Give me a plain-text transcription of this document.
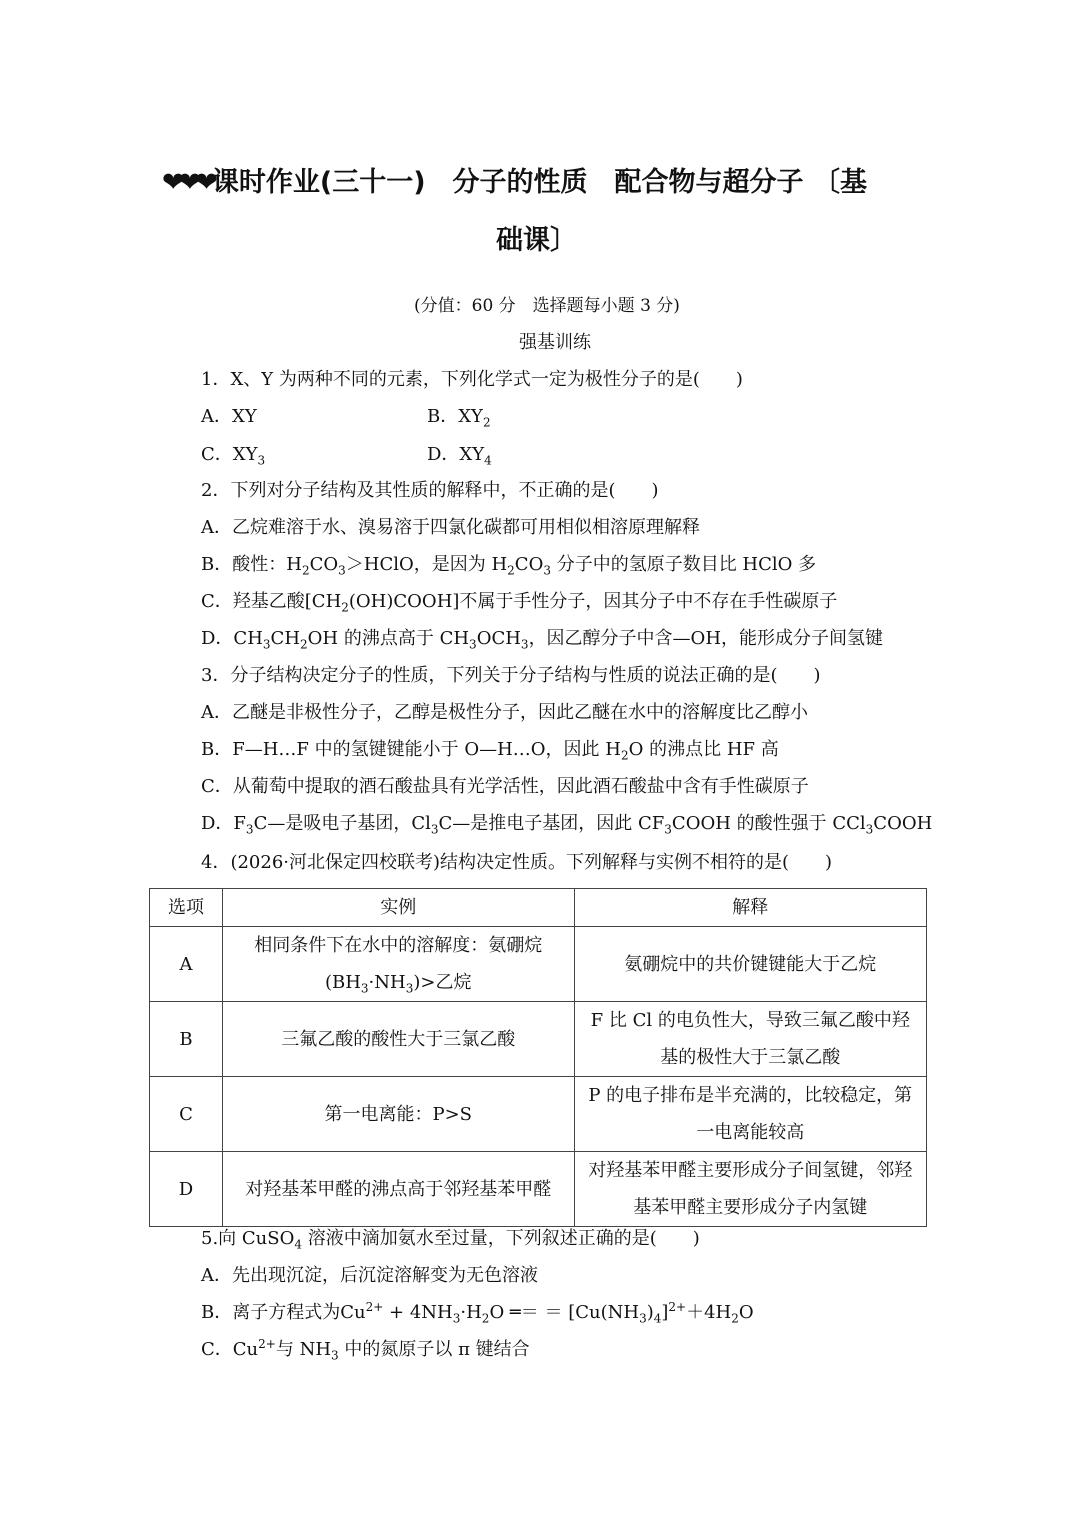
❤❤❤课时作业(三十一)　分子的性质　配合物与超分子 〔基
础课〕
(分值：60 分　选择题每小题 3 分)
强基训练
1．X、Y 为两种不同的元素，下列化学式一定为极性分子的是(　　)
A．XY	B．$XY_2$
C．$XY_3$	D．$XY_4$
2．下列对分子结构及其性质的解释中，不正确的是(　　)
A．乙烷难溶于水、溴易溶于四氯化碳都可用相似相溶原理解释
B．酸性：$H_2CO_3>HClO$，是因为 $H_2CO_3$ 分子中的氢原子数目比 HClO 多
C．羟基乙酸$[CH_2(OH)COOH]$不属于手性分子，因其分子中不存在手性碳原子
D．$CH_3CH_2OH$ 的沸点高于 $CH_3OCH_3$，因乙醇分子中含—OH，能形成分子间氢键
3．分子结构决定分子的性质，下列关于分子结构与性质的说法正确的是(　　)
A．乙醚是非极性分子，乙醇是极性分子，因此乙醚在水中的溶解度比乙醇小
B．F—H…F 中的氢键键能小于 O—H…O，因此 $H_2O$ 的沸点比 HF 高
C．从葡萄中提取的酒石酸盐具有光学活性，因此酒石酸盐中含有手性碳原子
D．$F_3C—$是吸电子基团，$Cl_3C—$是推电子基团，因此 $CF_3COOH$ 的酸性强于 CCl$_3$COOH
4．(2026·河北保定四校联考)结构决定性质。下列解释与实例不相符的是(　　)
选项	实例	解释
A	相同条件下在水中的溶解度：氨硼烷
$(BH_3\cdot NH_3)>$乙烷	氨硼烷中的共价键键能大于乙烷

B	三氟乙酸的酸性大于三氯乙酸	F 比 Cl 的电负性大，导致三氟乙酸中羟
基的极性大于三氯乙酸

C	第一电离能：P>S	P 的电子排布是半充满的，比较稳定，第
一电离能较高

D	对羟基苯甲醛的沸点高于邻羟基苯甲醛	对羟基苯甲醛主要形成分子间氢键，邻羟
基苯甲醛主要形成分子内氢键
5.向 CuSO$_4$ 溶液中滴加氨水至过量，下列叙述正确的是(　　)
A．先出现沉淀，后沉淀溶解变为无色溶液
B．离子方程式为$Cu^{2+} + 4NH_3\cdot H_2O$ ═＝ ＝ $[Cu(NH_3)_4]^{2+}+4H_2O$
C．$Cu^{2+}$与 $NH_3$ 中的氮原子以 π 键结合
